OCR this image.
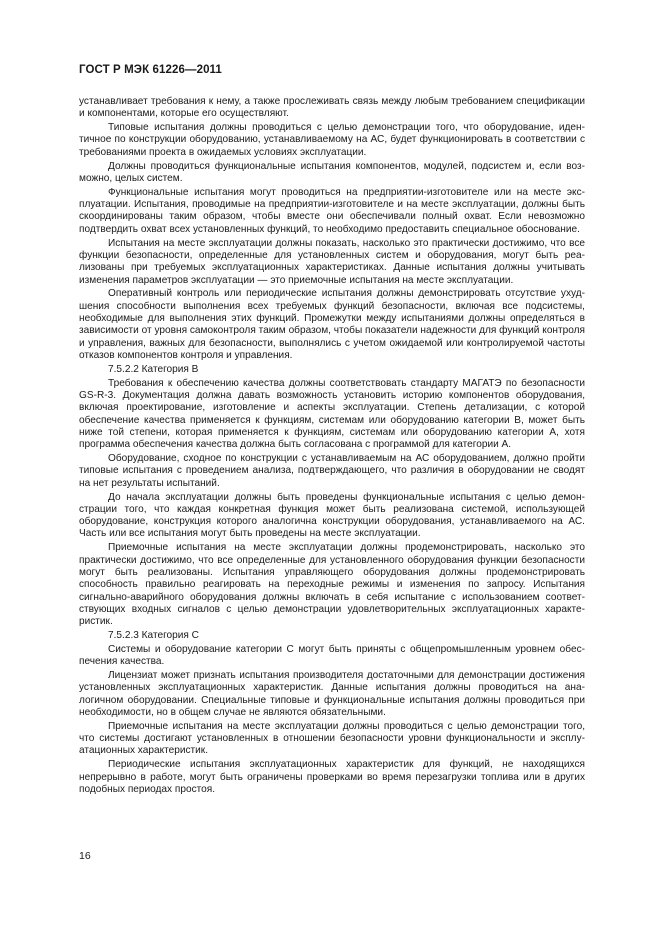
ГОСТ Р МЭК 61226—2011

устанавливает требования к нему, а также прослеживать связь между любым требованием спецификации и компонентами, которые его осуществляют.

Типовые испытания должны проводиться с целью демонстрации того, что оборудование, идентичное по конструкции оборудованию, устанавливаемому на АС, будет функционировать в соответствии с требованиями проекта в ожидаемых условиях эксплуатации.

Должны проводиться функциональные испытания компонентов, модулей, подсистем и, если возможно, целых систем.

Функциональные испытания могут проводиться на предприятии-изготовителе или на месте эксплуатации. Испытания, проводимые на предприятии-изготовителе и на месте эксплуатации, должны быть скоординированы таким образом, чтобы вместе они обеспечивали полный охват. Если невозможно подтвердить охват всех установленных функций, то необходимо предоставить специальное обоснование.

Испытания на месте эксплуатации должны показать, насколько это практически достижимо, что все функции безопасности, определенные для установленных систем и оборудования, могут быть реализованы при требуемых эксплуатационных характеристиках. Данные испытания должны учитывать изменения параметров эксплуатации — это приемочные испытания на месте эксплуатации.

Оперативный контроль или периодические испытания должны демонстрировать отсутствие ухудшения способности выполнения всех требуемых функций безопасности, включая все подсистемы, необходимые для выполнения этих функций. Промежутки между испытаниями должны определяться в зависимости от уровня самоконтроля таким образом, чтобы показатели надежности для функций контроля и управления, важных для безопасности, выполнялись с учетом ожидаемой или контролируемой частоты отказов компонентов контроля и управления.

7.5.2.2 Категория В

Требования к обеспечению качества должны соответствовать стандарту МАГАТЭ по безопасности GS-R-3. Документация должна давать возможность установить историю компонентов оборудования, включая проектирование, изготовление и аспекты эксплуатации. Степень детализации, с которой обеспечение качества применяется к функциям, системам или оборудованию категории В, может быть ниже той степени, которая применяется к функциям, системам или оборудованию категории А, хотя программа обеспечения качества должна быть согласована с программой для категории А.

Оборудование, сходное по конструкции с устанавливаемым на АС оборудованием, должно пройти типовые испытания с проведением анализа, подтверждающего, что различия в оборудовании не сводят на нет результаты испытаний.

До начала эксплуатации должны быть проведены функциональные испытания с целью демонстрации того, что каждая конкретная функция может быть реализована системой, использующей оборудование, конструкция которого аналогична конструкции оборудования, устанавливаемого на АС. Часть или все испытания могут быть проведены на месте эксплуатации.

Приемочные испытания на месте эксплуатации должны продемонстрировать, насколько это практически достижимо, что все определенные для установленного оборудования функции безопасности могут быть реализованы. Испытания управляющего оборудования должны продемонстрировать способность правильно реагировать на переходные режимы и изменения по запросу. Испытания сигнально-аварийного оборудования должны включать в себя испытание с использованием соответствующих входных сигналов с целью демонстрации удовлетворительных эксплуатационных характеристик.

7.5.2.3 Категория С

Системы и оборудование категории С могут быть приняты с общепромышленным уровнем обеспечения качества.

Лицензиат может признать испытания производителя достаточными для демонстрации достижения установленных эксплуатационных характеристик. Данные испытания должны проводиться на аналогичном оборудовании. Специальные типовые и функциональные испытания должны проводиться при необходимости, но в общем случае не являются обязательными.

Приемочные испытания на месте эксплуатации должны проводиться с целью демонстрации того, что системы достигают установленных в отношении безопасности уровни функциональности и эксплуатационных характеристик.

Периодические испытания эксплуатационных характеристик для функций, не находящихся непрерывно в работе, могут быть ограничены проверками во время перезагрузки топлива или в других подобных периодах простоя.

16
